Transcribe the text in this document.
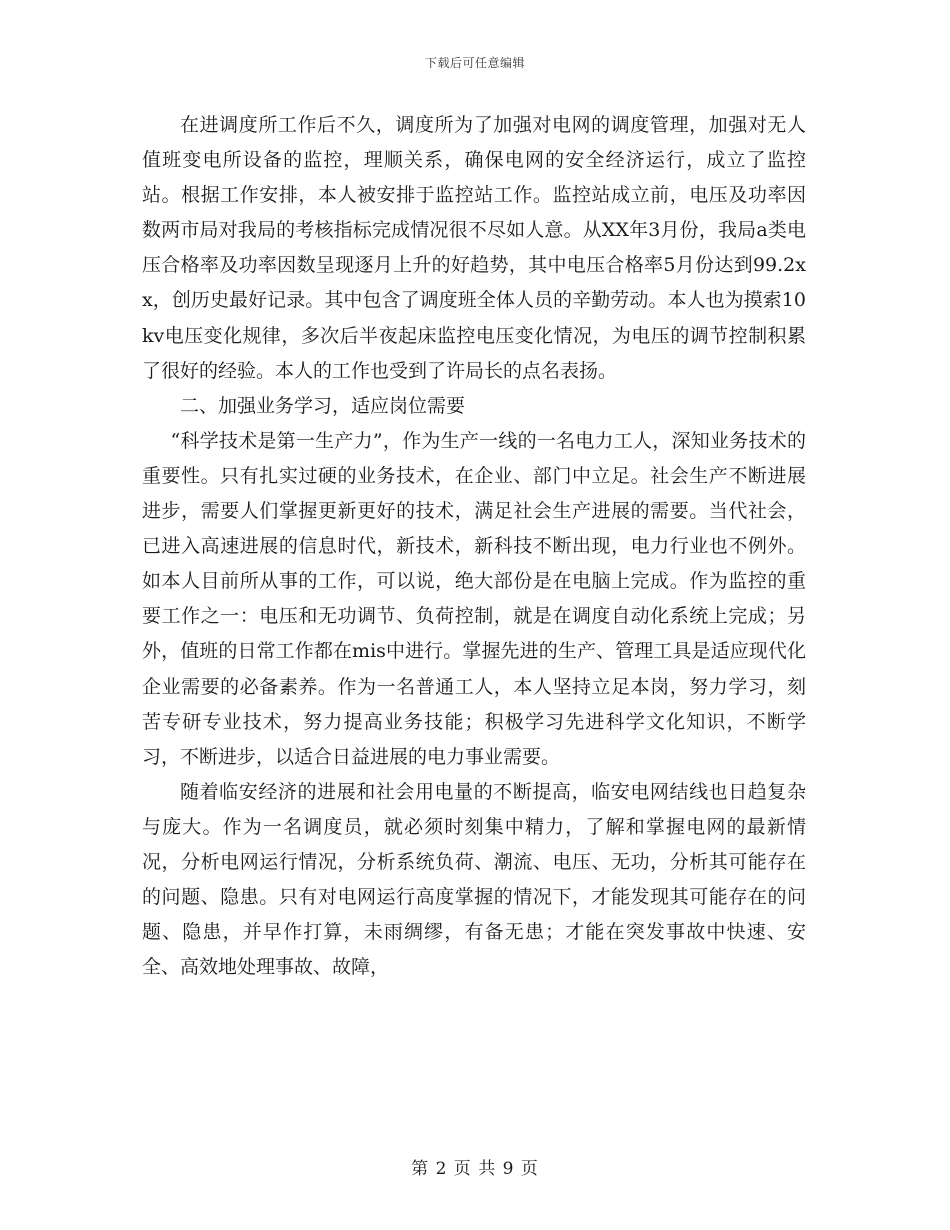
下载后可任意编辑

在进调度所工作后不久，调度所为了加强对电网的调度管理，加强对无人值班变电所设备的监控，理顺关系，确保电网的安全经济运行，成立了监控站。根据工作安排，本人被安排于监控站工作。监控站成立前，电压及功率因数两市局对我局的考核指标完成情况很不尽如人意。从XX年3月份，我局a类电压合格率及功率因数呈现逐月上升的好趋势，其中电压合格率5月份达到99.2xx，创历史最好记录。其中包含了调度班全体人员的辛勤劳动。本人也为摸索10kv电压变化规律，多次后半夜起床监控电压变化情况，为电压的调节控制积累了很好的经验。本人的工作也受到了许局长的点名表扬。

二、加强业务学习，适应岗位需要

“科学技术是第一生产力”，作为生产一线的一名电力工人，深知业务技术的重要性。只有扎实过硬的业务技术，在企业、部门中立足。社会生产不断进展进步，需要人们掌握更新更好的技术，满足社会生产进展的需要。当代社会，已进入高速进展的信息时代，新技术，新科技不断出现，电力行业也不例外。如本人目前所从事的工作，可以说，绝大部份是在电脑上完成。作为监控的重要工作之一：电压和无功调节、负荷控制，就是在调度自动化系统上完成；另外，值班的日常工作都在mis中进行。掌握先进的生产、管理工具是适应现代化企业需要的必备素养。作为一名普通工人，本人坚持立足本岗，努力学习，刻苦专研专业技术，努力提高业务技能；积极学习先进科学文化知识，不断学习，不断进步，以适合日益进展的电力事业需要。

随着临安经济的进展和社会用电量的不断提高，临安电网结线也日趋复杂与庞大。作为一名调度员，就必须时刻集中精力，了解和掌握电网的最新情况，分析电网运行情况，分析系统负荷、潮流、电压、无功，分析其可能存在的问题、隐患。只有对电网运行高度掌握的情况下，才能发现其可能存在的问题、隐患，并早作打算，未雨绸缪，有备无患；才能在突发事故中快速、安全、高效地处理事故、故障，

第 2 页 共 9 页
